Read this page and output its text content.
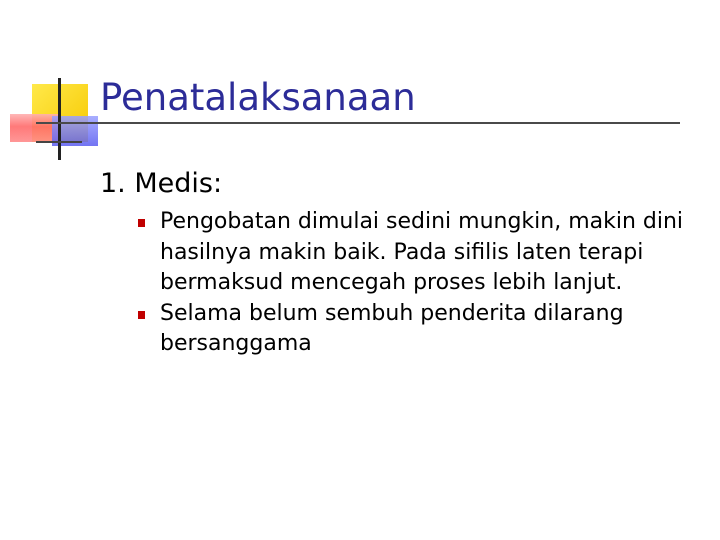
Penatalaksanaan
1. Medis:
Pengobatan dimulai sedini mungkin, makin dini hasilnya makin baik. Pada sifilis laten terapi bermaksud mencegah proses lebih lanjut.
Selama belum sembuh penderita dilarang bersanggama
